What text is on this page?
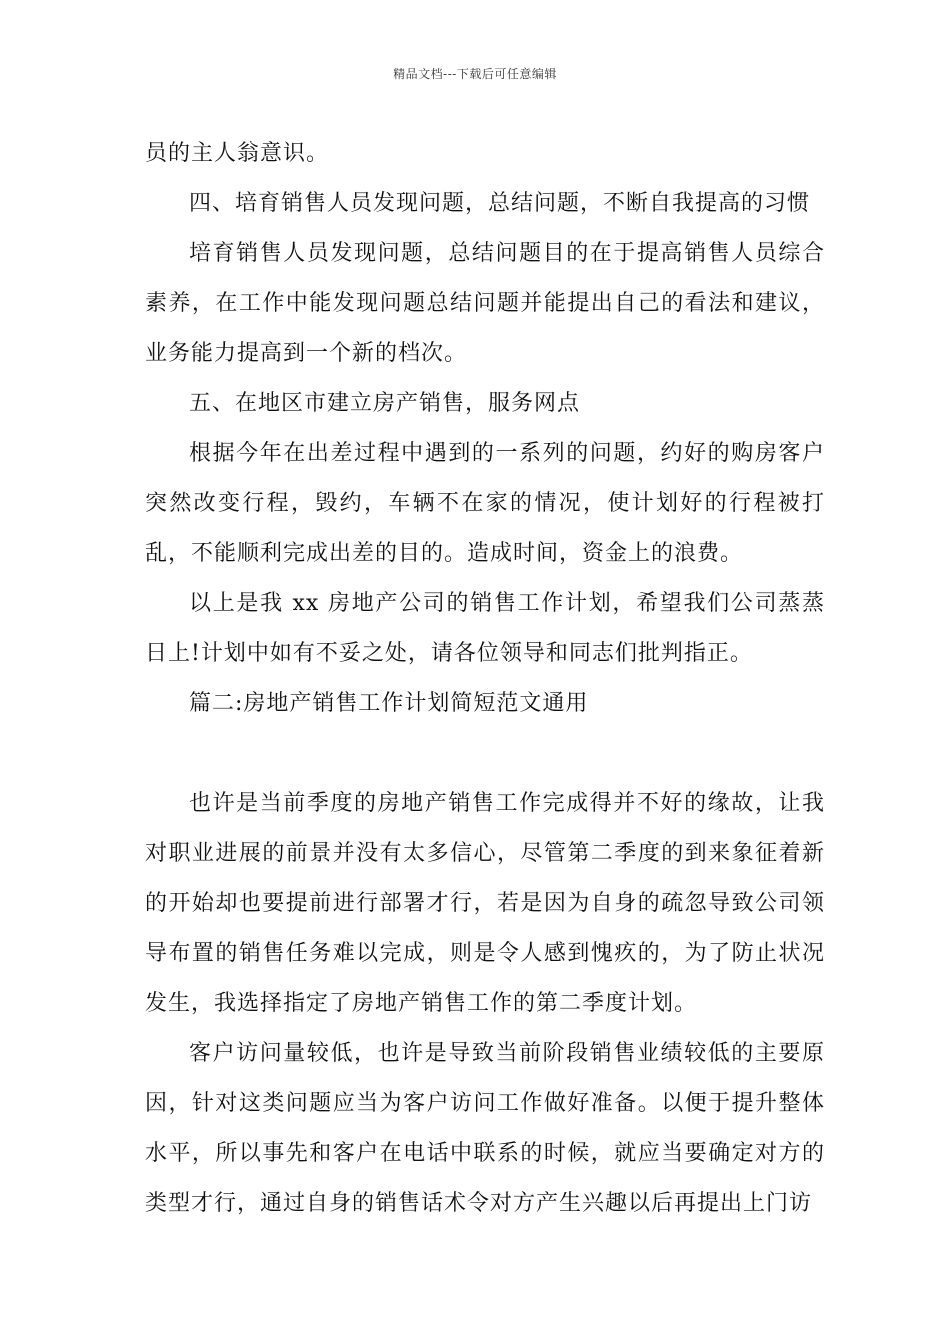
精品文档---下载后可任意编辑

员的主人翁意识。

四、培育销售人员发现问题，总结问题，不断自我提高的习惯

培育销售人员发现问题，总结问题目的在于提高销售人员综合素养，在工作中能发现问题总结问题并能提出自己的看法和建议，业务能力提高到一个新的档次。

五、在地区市建立房产销售，服务网点

根据今年在出差过程中遇到的一系列的问题，约好的购房客户突然改变行程，毁约，车辆不在家的情况，使计划好的行程被打乱，不能顺利完成出差的目的。造成时间，资金上的浪费。

以上是我 xx 房地产公司的销售工作计划，希望我们公司蒸蒸日上!计划中如有不妥之处，请各位领导和同志们批判指正。

篇二:房地产销售工作计划简短范文通用

也许是当前季度的房地产销售工作完成得并不好的缘故，让我对职业进展的前景并没有太多信心，尽管第二季度的到来象征着新的开始却也要提前进行部署才行，若是因为自身的疏忽导致公司领导布置的销售任务难以完成，则是令人感到愧疚的，为了防止状况发生，我选择指定了房地产销售工作的第二季度计划。

客户访问量较低，也许是导致当前阶段销售业绩较低的主要原因，针对这类问题应当为客户访问工作做好准备。以便于提升整体水平，所以事先和客户在电话中联系的时候，就应当要确定对方的类型才行，通过自身的销售话术令对方产生兴趣以后再提出上门访
